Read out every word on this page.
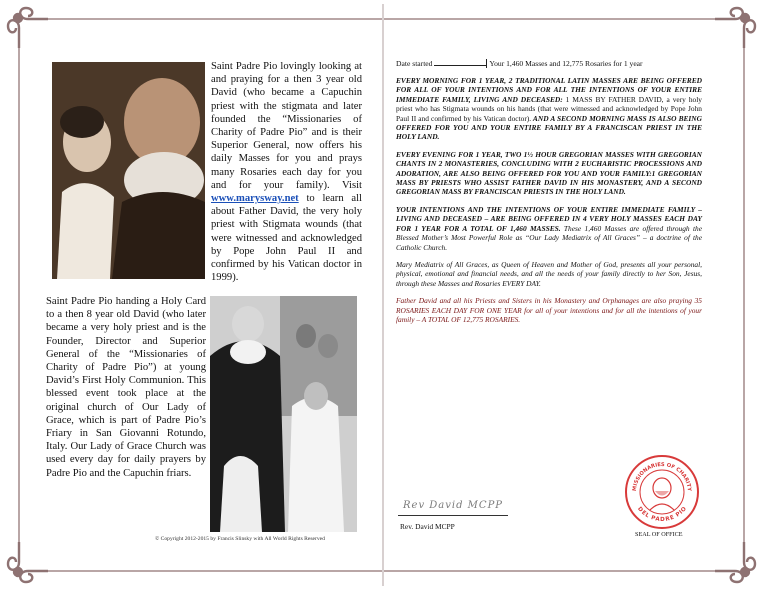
Saint Padre Pio lovingly looking at and praying for a then 3 year old David (who became a Capuchin priest with the stigmata and later founded the “Missionaries of Charity of Padre Pio” and is their Superior General, now offers his daily Masses for you and prays many Rosaries each day for you and for your family). Visit www.marysway.net to learn all about Father David, the very holy priest with Stigmata wounds (that were witnessed and acknowledged by Pope John Paul II and confirmed by his Vatican doctor in 1999).
Saint Padre Pio handing a Holy Card to a then 8 year old David (who later became a very holy priest and is the Founder, Director and Superior General of the “Missionaries of Charity of Padre Pio”) at young David’s First Holy Communion. This blessed event took place at the original church of Our Lady of Grace, which is part of Padre Pio’s Friary in San Giovanni Rotundo, Italy. Our Lady of Grace Church was used every day for daily prayers by Padre Pio and the Capuchin friars.
© Copyright 2012-2015 by Francis Slinsky with All World Rights Reserved
Date started	Your 1,460 Masses and 12,775 Rosaries for 1 year
EVERY MORNING FOR 1 YEAR, 2 TRADITIONAL LATIN MASSES ARE BEING OFFERED FOR ALL OF YOUR INTENTIONS AND FOR ALL THE INTENTIONS OF YOUR ENTIRE IMMEDIATE FAMILY, LIVING AND DECEASED: 1 MASS BY FATHER DAVID, a very holy priest who has Stigmata wounds on his hands (that were witnessed and acknowledged by Pope John Paul II and confirmed by his Vatican doctor). AND A SECOND MORNING MASS IS ALSO BEING OFFERED FOR YOU AND YOUR ENTIRE FAMILY BY A FRANCISCAN PRIEST IN THE HOLY LAND.
EVERY EVENING FOR 1 YEAR, TWO 1½ HOUR GREGORIAN MASSES WITH GREGORIAN CHANTS IN 2 MONASTERIES, CONCLUDING WITH 2 EUCHARISTIC PROCESSIONS AND ADORATION, ARE ALSO BEING OFFERED FOR YOU AND YOUR FAMILY:1 GREGORIAN MASS BY PRIESTS WHO ASSIST FATHER DAVID IN HIS MONASTERY, AND A SECOND GREGORIAN MASS BY FRANCISCAN PRIESTS IN THE HOLY LAND.
YOUR INTENTIONS AND THE INTENTIONS OF YOUR ENTIRE IMMEDIATE FAMILY – LIVING AND DECEASED – ARE BEING OFFERED IN 4 VERY HOLY MASSES EACH DAY FOR 1 YEAR FOR A TOTAL OF 1,460 MASSES. These 1,460 Masses are offered through the Blessed Mother’s Most Powerful Role as “Our Lady Mediatrix of All Graces” – a doctrine of the Catholic Church.
Mary Mediatrix of All Graces, as Queen of Heaven and Mother of God, presents all your personal, physical, emotional and financial needs, and all the needs of your family directly to her Son, Jesus, through these Masses and Rosaries EVERY DAY.
Father David and all his Priests and Sisters in his Monastery and Orphanages are also praying 35 ROSARIES EACH DAY FOR ONE YEAR for all of your intentions and for all the intentions of your family – A TOTAL OF 12,775 ROSARIES.
Rev David MCPP
Rev. David MCPP
MISSIONARIES OF CHARITY
DEL PADRE PIO
SEAL OF OFFICE
